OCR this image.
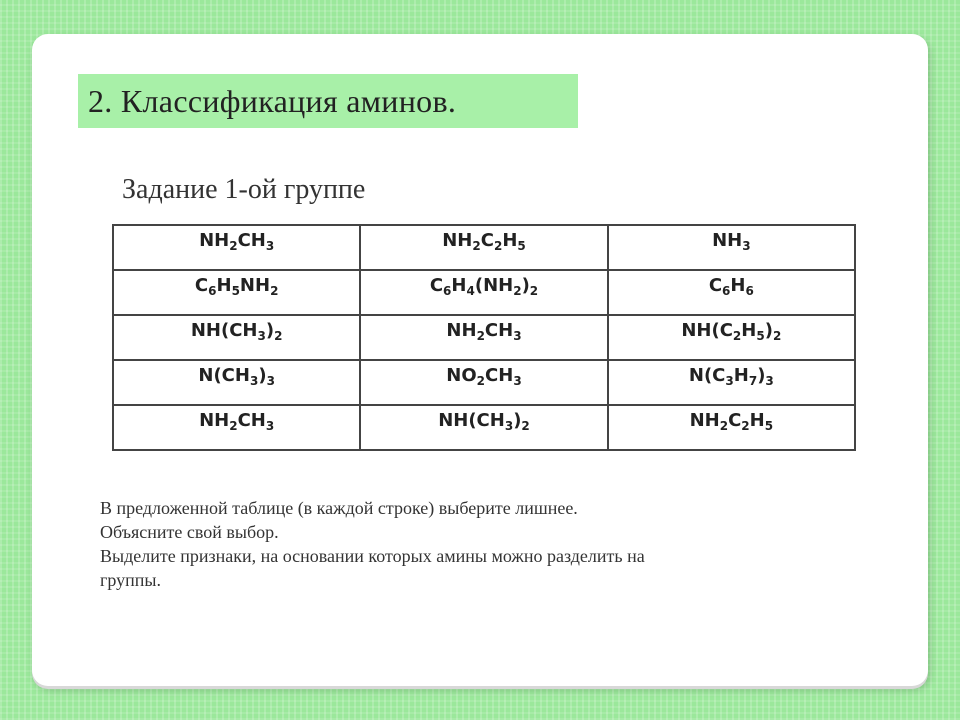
2. Классификация аминов.
Задание 1-ой группе
$NH_2CH_3$	$NH_2C_2H_5$	$NH_3$
$C_6H_5NH_2$	$C_6H_4(NH_2)_2$	$C_6H_6$
$NH(CH_3)_2$	$NH_2CH_3$	$NH(C_2H_5)_2$
$N(CH_3)_3$	$NO_2CH_3$	$N(C_3H_7)_3$
$NH_2CH_3$	$NH(CH_3)_2$	$NH_2C_2H_5$
В предложенной таблице (в каждой строке) выберите лишнее.
Объясните свой выбор.
Выделите признаки, на основании которых амины можно разделить на
группы.
